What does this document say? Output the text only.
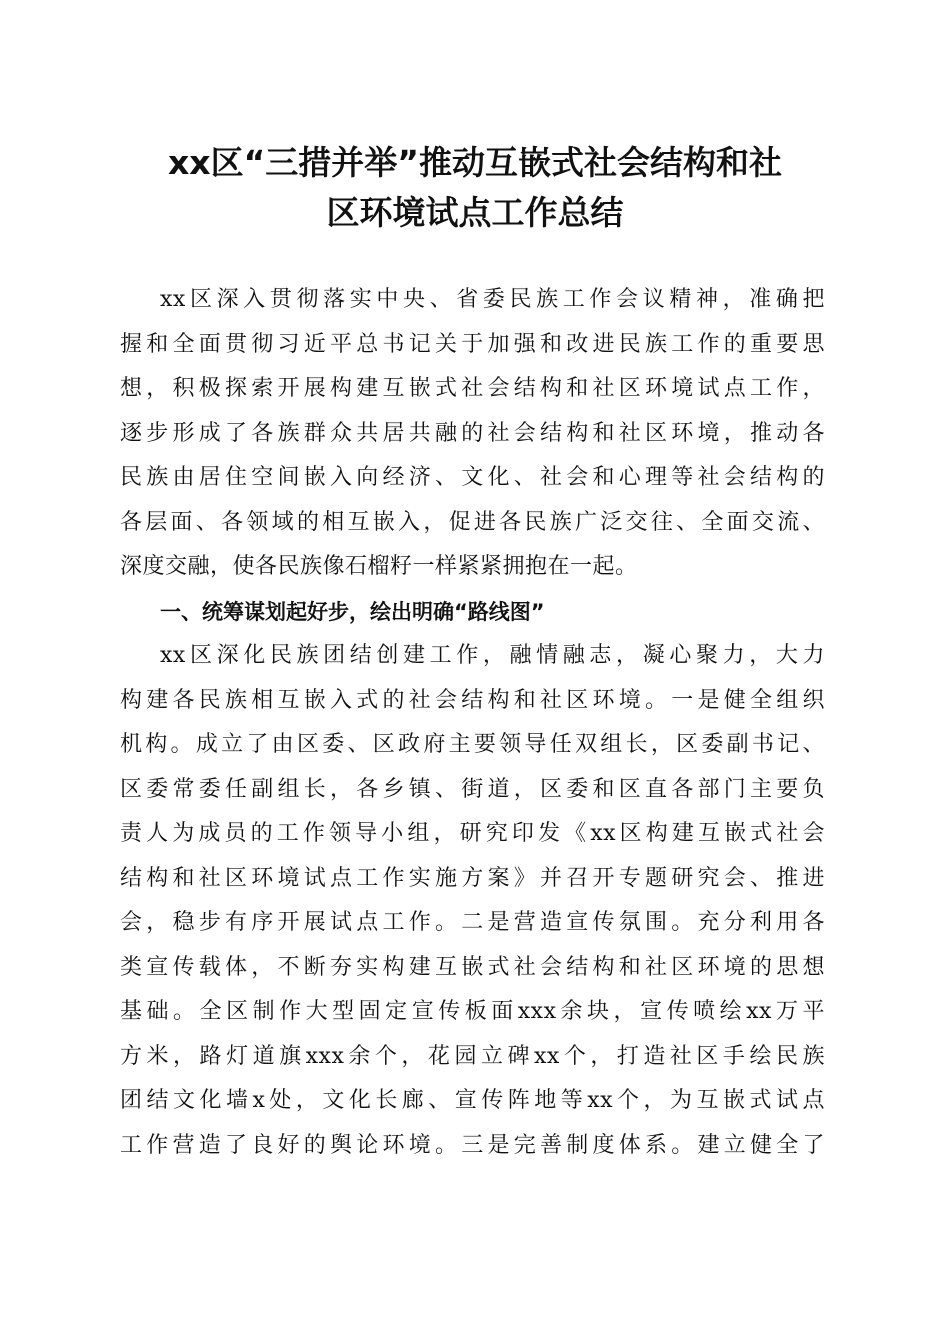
xx区“三措并举”推动互嵌式社会结构和社
区环境试点工作总结
xx区深入贯彻落实中央、省委民族工作会议精神，准确把
握和全面贯彻习近平总书记关于加强和改进民族工作的重要思
想，积极探索开展构建互嵌式社会结构和社区环境试点工作，
逐步形成了各族群众共居共融的社会结构和社区环境，推动各
民族由居住空间嵌入向经济、文化、社会和心理等社会结构的
各层面、各领域的相互嵌入，促进各民族广泛交往、全面交流、
深度交融，使各民族像石榴籽一样紧紧拥抱在一起。
一、统筹谋划起好步，绘出明确“路线图”
xx区深化民族团结创建工作，融情融志，凝心聚力，大力
构建各民族相互嵌入式的社会结构和社区环境。一是健全组织
机构。成立了由区委、区政府主要领导任双组长，区委副书记、
区委常委任副组长，各乡镇、街道，区委和区直各部门主要负
责人为成员的工作领导小组，研究印发《xx区构建互嵌式社会
结构和社区环境试点工作实施方案》并召开专题研究会、推进
会，稳步有序开展试点工作。二是营造宣传氛围。充分利用各
类宣传载体，不断夯实构建互嵌式社会结构和社区环境的思想
基础。全区制作大型固定宣传板面xxx余块，宣传喷绘xx万平
方米，路灯道旗xxx余个，花园立碑xx个，打造社区手绘民族
团结文化墙x处，文化长廊、宣传阵地等xx个，为互嵌式试点
工作营造了良好的舆论环境。三是完善制度体系。建立健全了
